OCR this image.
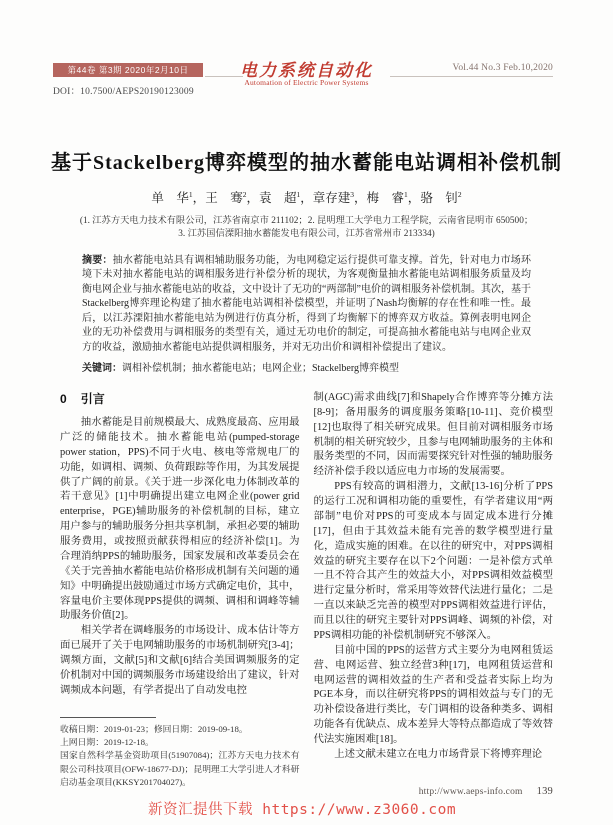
第44卷 第3期 2020年2月10日
DOI：10.7500/AEPS20190123009
电力系统自动化
Automation of Electric Power Systems
Vol.44 No.3 Feb.10,2020
基于Stackelberg博弈模型的抽水蓄能电站调相补偿机制
单　华$^1$，王　骞$^2$，袁　超$^1$，章存建$^3$，梅　睿$^1$，骆　钊$^2$
(1. 江苏方天电力技术有限公司，江苏省南京市 211102；2. 昆明理工大学电力工程学院，云南省昆明市 650500；
3. 江苏国信溧阳抽水蓄能发电有限公司，江苏省常州市 213334)

摘要：抽水蓄能电站具有调相辅助服务功能，为电网稳定运行提供可靠支撑。首先，针对电力市场环境下未对抽水蓄能电站的调相服务进行补偿分析的现状，为客观衡量抽水蓄能电站调相服务质量及均衡电网企业与抽水蓄能电站的收益，文中设计了无功的“两部制”电价的调相服务补偿机制。其次，基于Stackelberg博弈理论构建了抽水蓄能电站调相补偿模型，并证明了Nash均衡解的存在性和唯一性。最后，以江苏溧阳抽水蓄能电站为例进行仿真分析，得到了均衡解下的博弈双方收益。算例表明电网企业的无功补偿费用与调相服务的类型有关，通过无功电价的制定，可提高抽水蓄能电站与电网企业双方的收益，激励抽水蓄能电站提供调相服务，并对无功出价和调相补偿提出了建议。

关键词：调相补偿机制；抽水蓄能电站；电网企业；Stackelberg博弈模型

0 引言

抽水蓄能是目前规模最大、成熟度最高、应用最广泛的储能技术。抽水蓄能电站(pumped-storage power station，PPS)不同于火电、核电等常规电厂的功能，如调相、调频、负荷跟踪等作用，为其发展提供了广阔的前景。《关于进一步深化电力体制改革的若干意见》[1]中明确提出建立电网企业(power grid enterprise，PGE)辅助服务的补偿机制的目标，建立用户参与的辅助服务分担共享机制，承担必要的辅助服务费用，或按照贡献获得相应的经济补偿[1]。为合理消纳PPS的辅助服务，国家发展和改革委员会在《关于完善抽水蓄能电站价格形成机制有关问题的通知》中明确提出鼓励通过市场方式确定电价，其中，容量电价主要体现PPS提供的调频、调相和调峰等辅助服务价值[2]。

相关学者在调峰服务的市场设计、成本估计等方面已展开了关于电网辅助服务的市场机制研究[3-4]；调频方面，文献[5]和文献[6]结合美国调频服务的定价机制对中国的调频服务市场建设给出了建议，针对调频成本问题，有学者提出了自动发电控

收稿日期：2019-01-23；修回日期：2019-09-18。

上网日期：2019-12-18。

国家自然科学基金资助项目(51907084)；江苏方天电力技术有限公司科技项目(OFW-18677-DJ)；昆明理工大学引进人才科研启动基金项目(KKSY201704027)。

制(AGC)需求曲线[7]和Shapely合作博弈等分摊方法[8-9]；备用服务的调度服务策略[10-11]、竞价模型[12]也取得了相关研究成果。但目前对调相服务市场机制的相关研究较少，且参与电网辅助服务的主体和服务类型的不同，因而需要探究针对性强的辅助服务经济补偿手段以适应电力市场的发展需要。

PPS有较高的调相潜力，文献[13-16]分析了PPS的运行工况和调相功能的重要性，有学者建议用“两部制”电价对PPS的可变成本与固定成本进行分摊[17]，但由于其效益未能有完善的数学模型进行量化，造成实施的困难。在以往的研究中，对PPS调相效益的研究主要存在以下2个问题：一是补偿方式单一且不符合其产生的效益大小，对PPS调相效益模型进行定量分析时，常采用等效替代法进行量化；二是一直以来缺乏完善的模型对PPS调相效益进行评估，而且以往的研究主要针对PPS调峰、调频的补偿，对PPS调相功能的补偿机制研究不够深入。

目前中国的PPS的运营方式主要分为电网租赁运营、电网运营、独立经营3种[17]，电网租赁运营和电网运营的调相效益的生产者和受益者实际上均为PGE本身，而以往研究将PPS的调相效益与专门的无功补偿设备进行类比，专门调相的设备种类多、调相功能各有优缺点、成本差异大等特点都造成了等效替代法实施困难[18]。

上述文献未建立在电力市场背景下将博弈理论

http://www.aeps-info.com 139
新资汇提供下载 https://www.z3060.com
